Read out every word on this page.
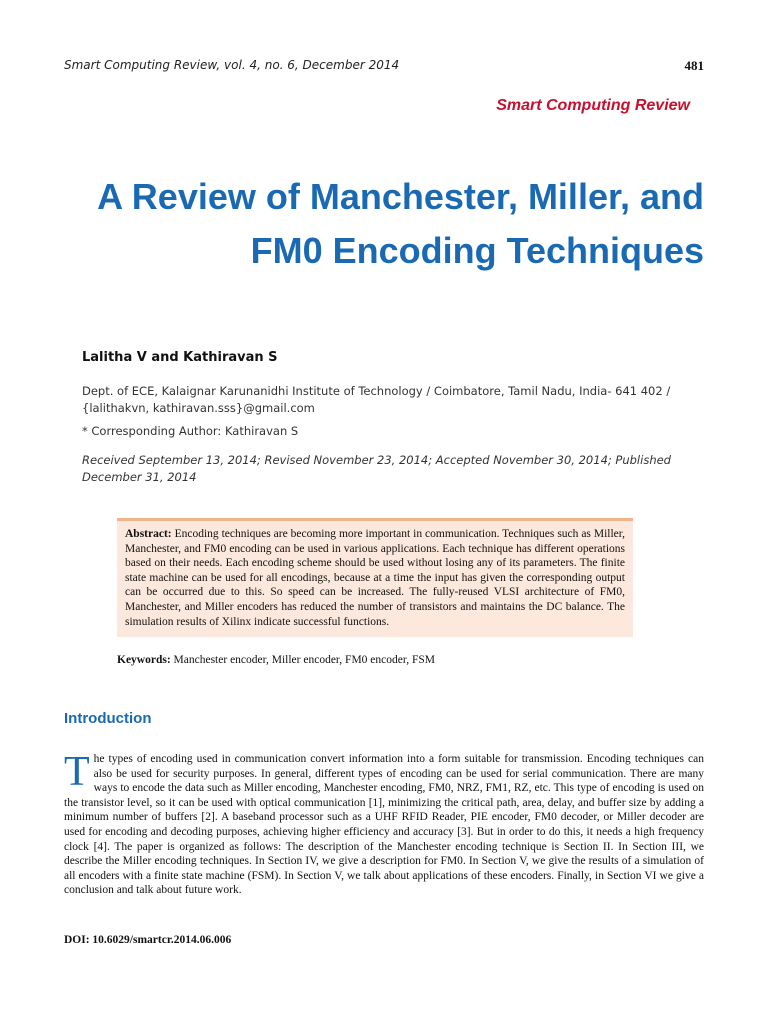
Smart Computing Review, vol. 4, no. 6, December 2014	481
Smart Computing Review
A Review of Manchester, Miller, and FM0 Encoding Techniques
Lalitha V and Kathiravan S
Dept. of ECE, Kalaignar Karunanidhi Institute of Technology / Coimbatore, Tamil Nadu, India- 641 402 / {lalithakvn, kathiravan.sss}@gmail.com
* Corresponding Author: Kathiravan S
Received September 13, 2014; Revised November 23, 2014; Accepted November 30, 2014; Published December 31, 2014
Abstract: Encoding techniques are becoming more important in communication. Techniques such as Miller, Manchester, and FM0 encoding can be used in various applications. Each technique has different operations based on their needs. Each encoding scheme should be used without losing any of its parameters. The finite state machine can be used for all encodings, because at a time the input has given the corresponding output can be occurred due to this. So speed can be increased. The fully-reused VLSI architecture of FM0, Manchester, and Miller encoders has reduced the number of transistors and maintains the DC balance. The simulation results of Xilinx indicate successful functions.
Keywords: Manchester encoder, Miller encoder, FM0 encoder, FSM
Introduction
T he types of encoding used in communication convert information into a form suitable for transmission. Encoding techniques can also be used for security purposes. In general, different types of encoding can be used for serial communication. There are many ways to encode the data such as Miller encoding, Manchester encoding, FM0, NRZ, FM1, RZ, etc. This type of encoding is used on the transistor level, so it can be used with optical communication [1], minimizing the critical path, area, delay, and buffer size by adding a minimum number of buffers [2]. A baseband processor such as a UHF RFID Reader, PIE encoder, FM0 decoder, or Miller decoder are used for encoding and decoding purposes, achieving higher efficiency and accuracy [3]. But in order to do this, it needs a high frequency clock [4]. The paper is organized as follows: The description of the Manchester encoding technique is Section II. In Section III, we describe the Miller encoding techniques. In Section IV, we give a description for FM0. In Section V, we give the results of a simulation of all encoders with a finite state machine (FSM). In Section V, we talk about applications of these encoders. Finally, in Section VI we give a conclusion and talk about future work.
DOI: 10.6029/smartcr.2014.06.006
